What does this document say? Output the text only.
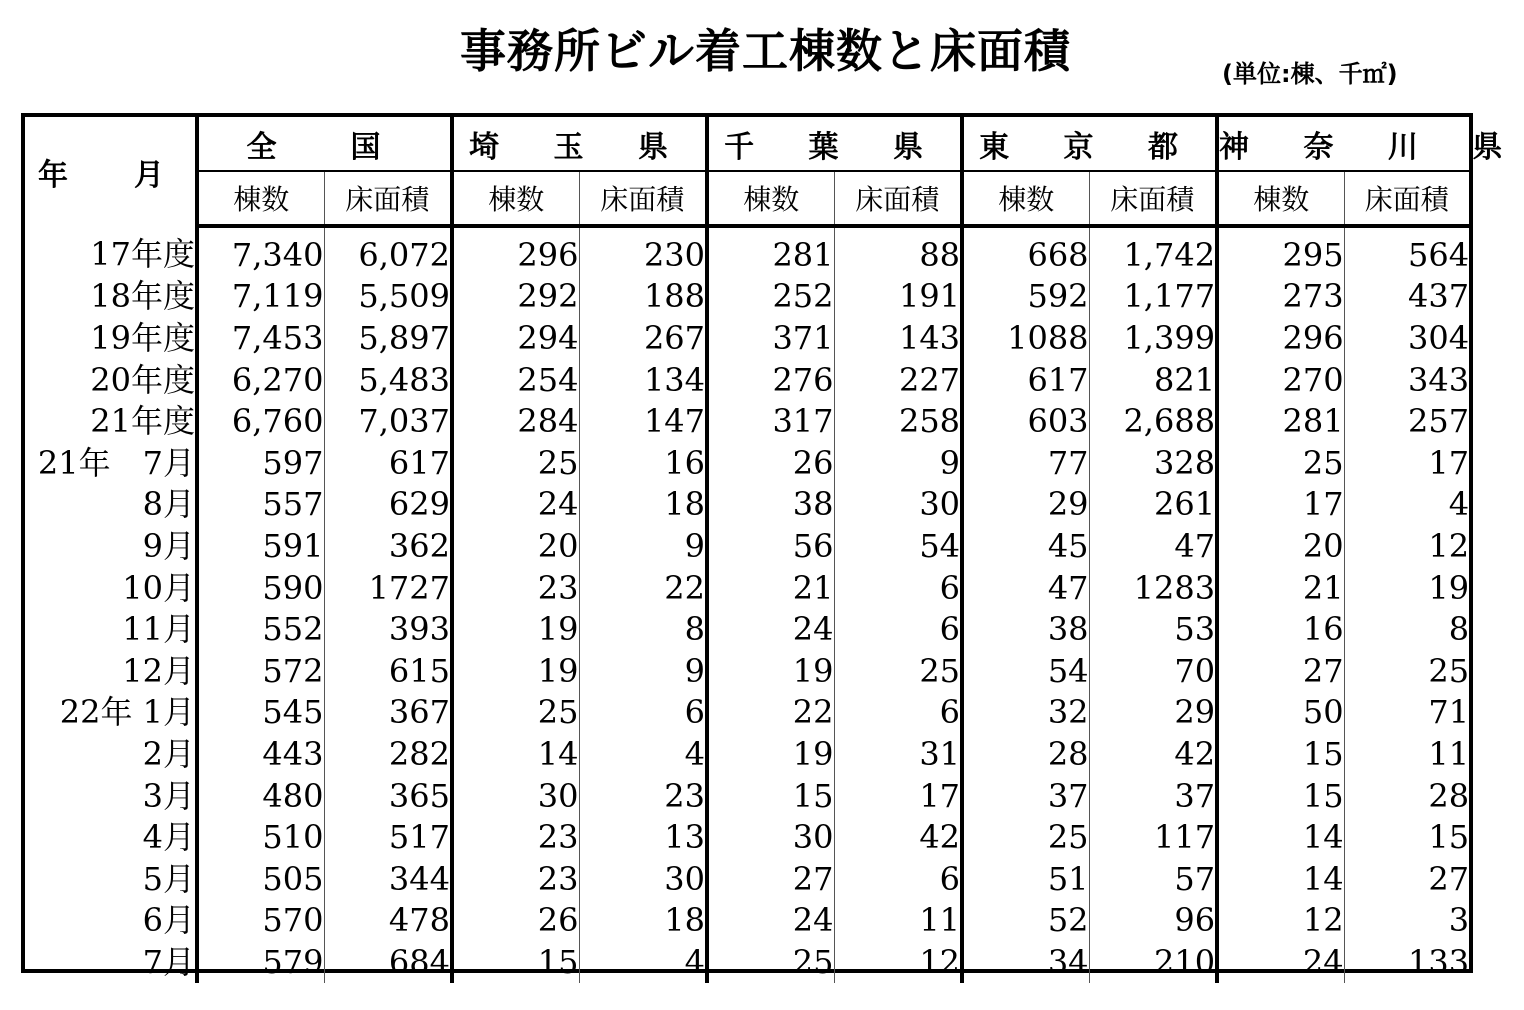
事務所ビル着工棟数と床面積	(単位:棟、千㎡)
年　月	全　国		埼 玉 県		千 葉 県		東 京 都		神 奈 川 県	
	棟数	床面積	棟数	床面積	棟数	床面積	棟数	床面積	棟数	床面積
17年度	7,340	6,072	296	230	281	88	668	1,742	295	564
18年度	7,119	5,509	292	188	252	191	592	1,177	273	437
19年度	7,453	5,897	294	267	371	143	1088	1,399	296	304
20年度	6,270	5,483	254	134	276	227	617	821	270	343
21年度	6,760	7,037	284	147	317	258	603	2,688	281	257
21年　7月	597	617	25	16	26	9	77	328	25	17
8月	557	629	24	18	38	30	29	261	17	4
9月	591	362	20	9	56	54	45	47	20	12
10月	590	1727	23	22	21	6	47	1283	21	19
11月	552	393	19	8	24	6	38	53	16	8
12月	572	615	19	9	19	25	54	70	27	25
22年 1月	545	367	25	6	22	6	32	29	50	71
2月	443	282	14	4	19	31	28	42	15	11
3月	480	365	30	23	15	17	37	37	15	28
4月	510	517	23	13	30	42	25	117	14	15
5月	505	344	23	30	27	6	51	57	14	27
6月	570	478	26	18	24	11	52	96	12	3
7月	579	684	15	4	25	12	34	210	24	133
